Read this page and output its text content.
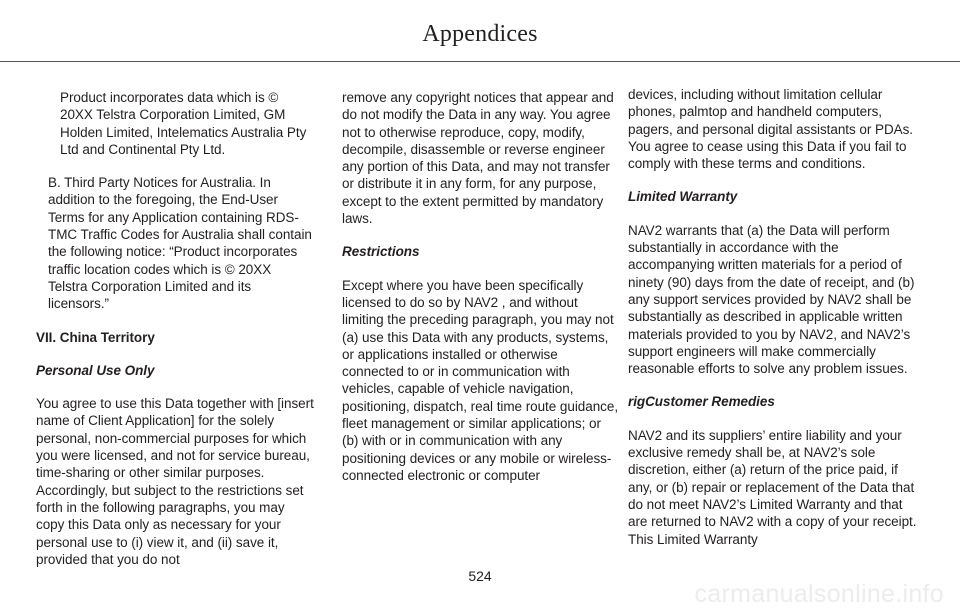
Appendices

Product incorporates data which is © 20XX Telstra Corporation Limited, GM Holden Limited, Intelematics Australia Pty Ltd and Continental Pty Ltd.

B. Third Party Notices for Australia. In addition to the foregoing, the End-User Terms for any Application containing RDS-TMC Traffic Codes for Australia shall contain the following notice: “Product incorporates traffic location codes which is © 20XX Telstra Corporation Limited and its licensors.”

VII. China Territory

Personal Use Only

You agree to use this Data together with [insert name of Client Application] for the solely personal, non-commercial purposes for which you were licensed, and not for service bureau, time-sharing or other similar purposes. Accordingly, but subject to the restrictions set forth in the following paragraphs, you may copy this Data only as necessary for your personal use to (i) view it, and (ii) save it, provided that you do not

remove any copyright notices that appear and do not modify the Data in any way. You agree not to otherwise reproduce, copy, modify, decompile, disassemble or reverse engineer any portion of this Data, and may not transfer or distribute it in any form, for any purpose, except to the extent permitted by mandatory laws.

Restrictions

Except where you have been specifically licensed to do so by NAV2 , and without limiting the preceding paragraph, you may not (a) use this Data with any products, systems, or applications installed or otherwise connected to or in communication with vehicles, capable of vehicle navigation, positioning, dispatch, real time route guidance, fleet management or similar applications; or (b) with or in communication with any positioning devices or any mobile or wireless-connected electronic or computer

devices, including without limitation cellular phones, palmtop and handheld computers, pagers, and personal digital assistants or PDAs. You agree to cease using this Data if you fail to comply with these terms and conditions.

Limited Warranty

NAV2 warrants that (a) the Data will perform substantially in accordance with the accompanying written materials for a period of ninety (90) days from the date of receipt, and (b) any support services provided by NAV2 shall be substantially as described in applicable written materials provided to you by NAV2, and NAV2’s support engineers will make commercially reasonable efforts to solve any problem issues.

rigCustomer Remedies

NAV2 and its suppliers’ entire liability and your exclusive remedy shall be, at NAV2’s sole discretion, either (a) return of the price paid, if any, or (b) repair or replacement of the Data that do not meet NAV2’s Limited Warranty and that are returned to NAV2 with a copy of your receipt. This Limited Warranty

524
carmanualsonline.info
